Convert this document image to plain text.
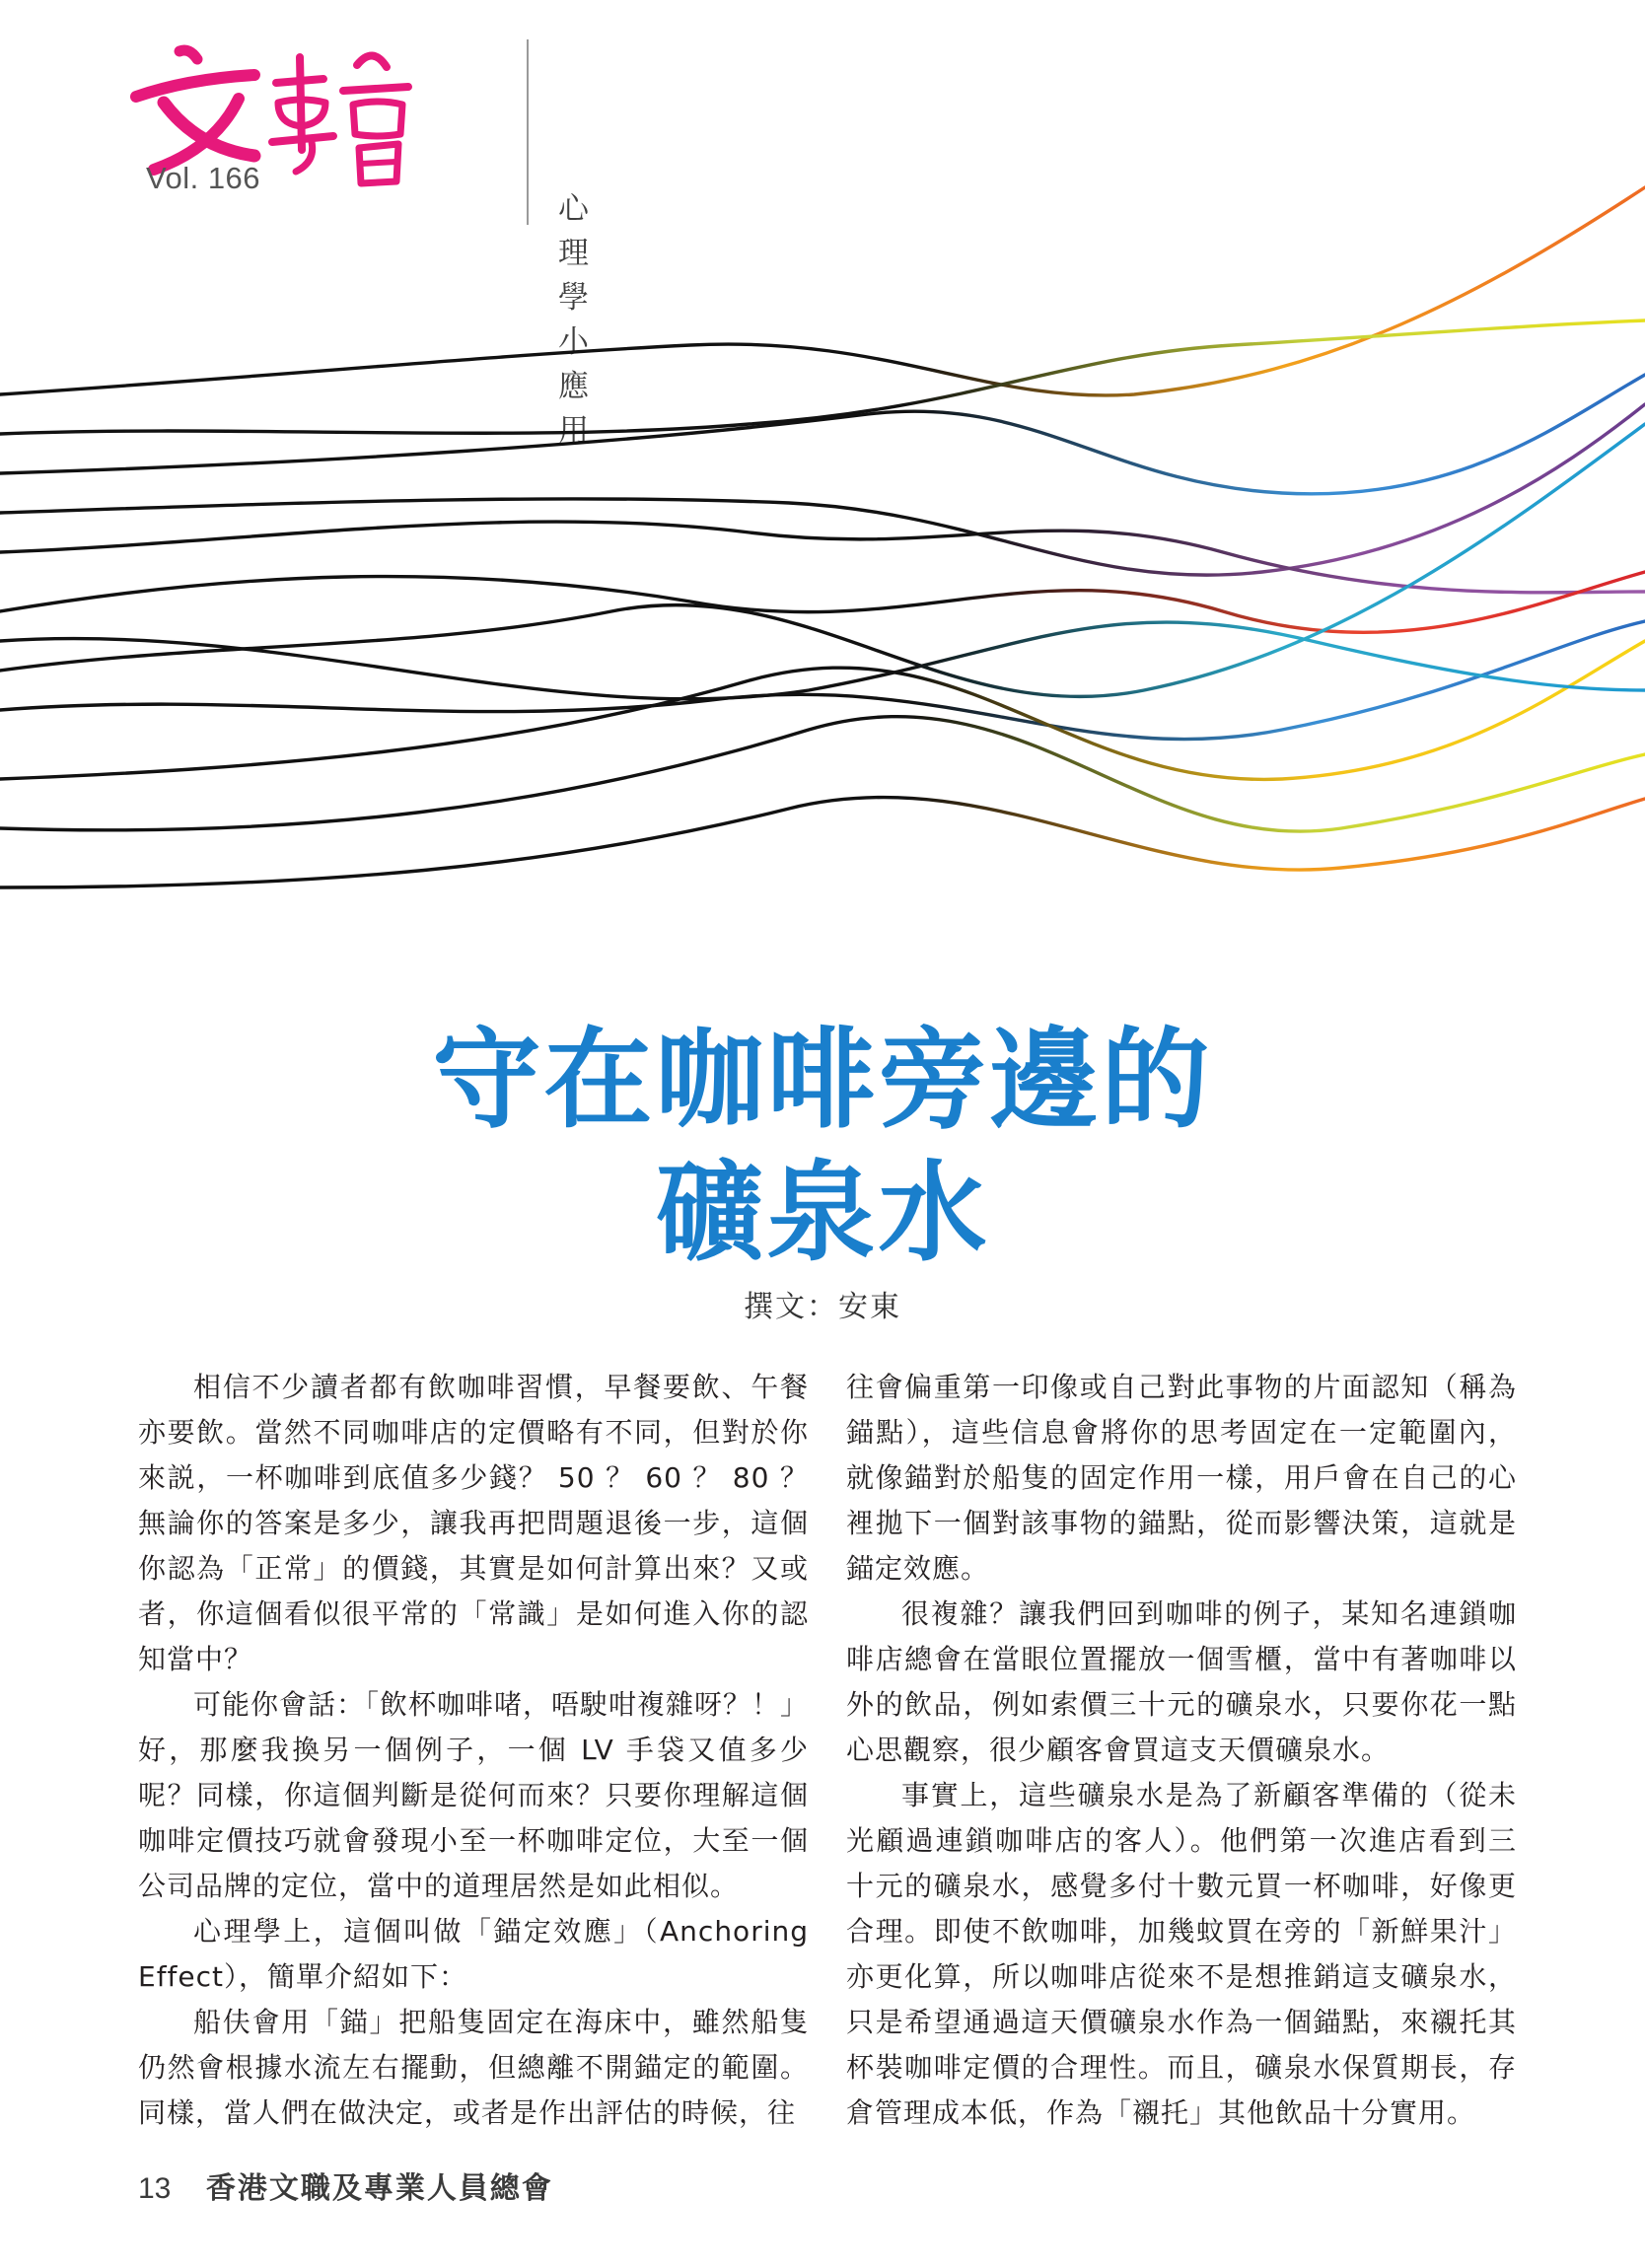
Vol. 166
心理學小應用
守在咖啡旁邊的
礦泉水
撰文：安東

相信不少讀者都有飲咖啡習慣，早餐要飲、午餐亦要飲。當然不同咖啡店的定價略有不同，但對於你來説，一杯咖啡到底值多少錢？ 50 ？ 60 ？ 80 ？無論你的答案是多少，讓我再把問題退後一步，這個你認為「正常」的價錢，其實是如何計算出來？又或者，你這個看似很平常的「常識」是如何進入你的認知當中？

可能你會話：「飲杯咖啡啫，唔駛咁複雜呀？！」好，那麼我換另一個例子，一個 LV 手袋又值多少呢？同樣，你這個判斷是從何而來？只要你理解這個咖啡定價技巧就會發現小至一杯咖啡定位，大至一個公司品牌的定位，當中的道理居然是如此相似。

心理學上，這個叫做「錨定效應」（Anchoring Effect），簡單介紹如下：

船伕會用「錨」把船隻固定在海床中，雖然船隻仍然會根據水流左右擺動，但總離不開錨定的範圍。同樣，當人們在做決定，或者是作出評估的時候，往

往會偏重第一印像或自己對此事物的片面認知（稱為錨點），這些信息會將你的思考固定在一定範圍內，就像錨對於船隻的固定作用一樣，用戶會在自己的心裡拋下一個對該事物的錨點，從而影響決策，這就是錨定效應。

很複雜？讓我們回到咖啡的例子，某知名連鎖咖啡店總會在當眼位置擺放一個雪櫃，當中有著咖啡以外的飲品，例如索價三十元的礦泉水，只要你花一點心思觀察，很少顧客會買這支天價礦泉水。

事實上，這些礦泉水是為了新顧客準備的（從未光顧過連鎖咖啡店的客人）。他們第一次進店看到三十元的礦泉水，感覺多付十數元買一杯咖啡，好像更合理。即使不飲咖啡，加幾蚊買在旁的「新鮮果汁」亦更化算，所以咖啡店從來不是想推銷這支礦泉水，只是希望通過這天價礦泉水作為一個錨點，來襯托其杯裝咖啡定價的合理性。而且，礦泉水保質期長，存倉管理成本低，作為「襯托」其他飲品十分實用。

13 香港文職及專業人員總會
